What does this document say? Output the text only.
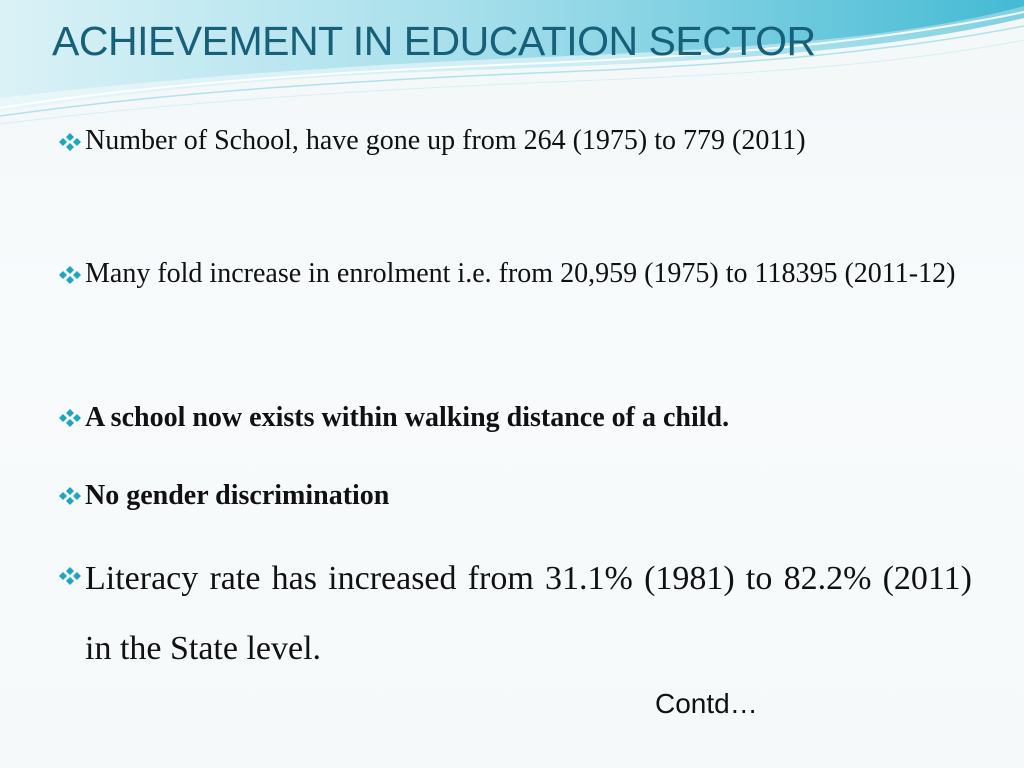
ACHIEVEMENT IN EDUCATION SECTOR
Number of School, have gone up from 264 (1975) to 779 (2011)
Many fold increase in enrolment i.e. from 20,959 (1975) to 118395 (2011-12)
A school now exists within walking distance of a child.
No gender discrimination
Literacy rate has increased from 31.1% (1981) to 82.2% (2011) in the State level.
Contd…
